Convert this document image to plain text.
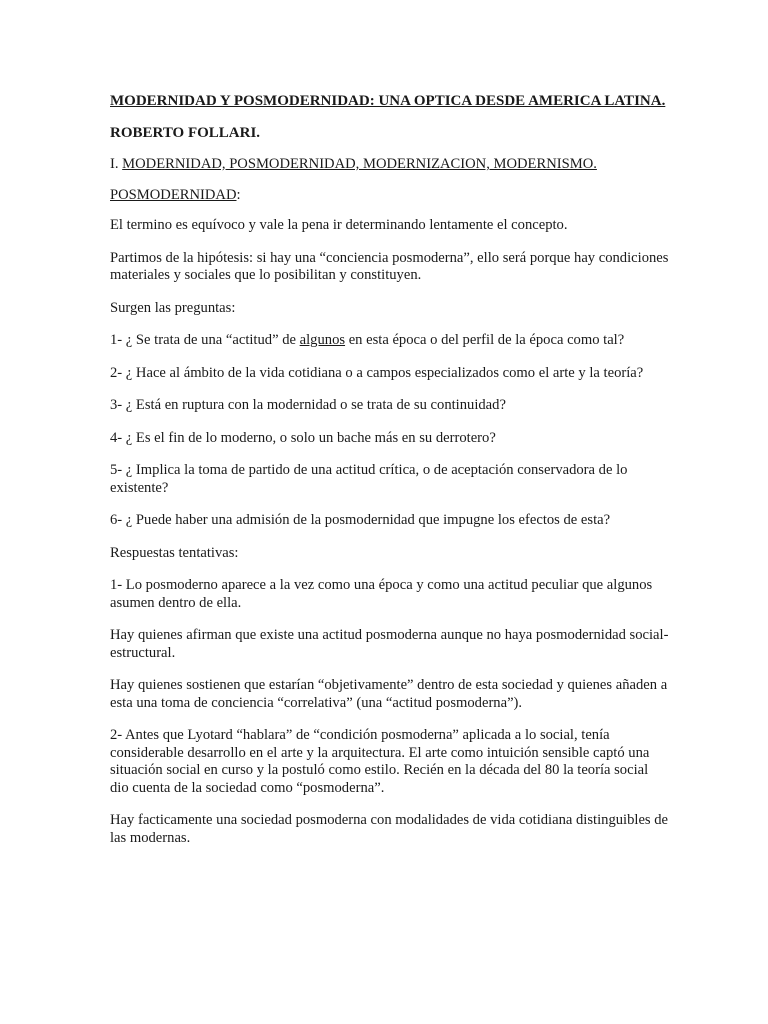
MODERNIDAD Y POSMODERNIDAD: UNA OPTICA DESDE AMERICA LATINA.
ROBERTO FOLLARI.

I. MODERNIDAD, POSMODERNIDAD, MODERNIZACION, MODERNISMO.

POSMODERNIDAD:

El termino es equívoco y vale la pena ir determinando lentamente el concepto.

Partimos de la hipótesis: si hay una “conciencia posmoderna”, ello será porque hay condiciones materiales y sociales que lo posibilitan y constituyen.

Surgen las preguntas:

1- ¿ Se trata de una “actitud” de algunos en esta época o del perfil de la época como tal?

2- ¿ Hace al ámbito de la vida cotidiana o a campos especializados como el arte y la teoría?

3- ¿ Está en ruptura con la modernidad o se trata de su continuidad?

4- ¿ Es el fin de lo moderno, o solo un bache más en su derrotero?

5- ¿ Implica la toma de partido de una actitud crítica, o de aceptación conservadora de lo existente?

6- ¿ Puede haber una admisión de la posmodernidad que impugne los efectos de esta?

Respuestas tentativas:

1- Lo posmoderno aparece a la vez como una época y como una actitud peculiar que algunos asumen dentro de ella.

Hay quienes afirman que existe una actitud posmoderna aunque no haya posmodernidad social-estructural.

Hay quienes sostienen que estarían “objetivamente” dentro de esta sociedad y quienes añaden a esta una toma de conciencia “correlativa” (una “actitud posmoderna”).

2- Antes que Lyotard “hablara” de “condición posmoderna” aplicada a lo social, tenía considerable desarrollo en el arte y la arquitectura. El arte como intuición sensible captó una situación social en curso y la postuló como estilo. Recién en la década del 80 la teoría social dio cuenta de la sociedad como “posmoderna”.

Hay facticamente una sociedad posmoderna con modalidades de vida cotidiana distinguibles de las modernas.
